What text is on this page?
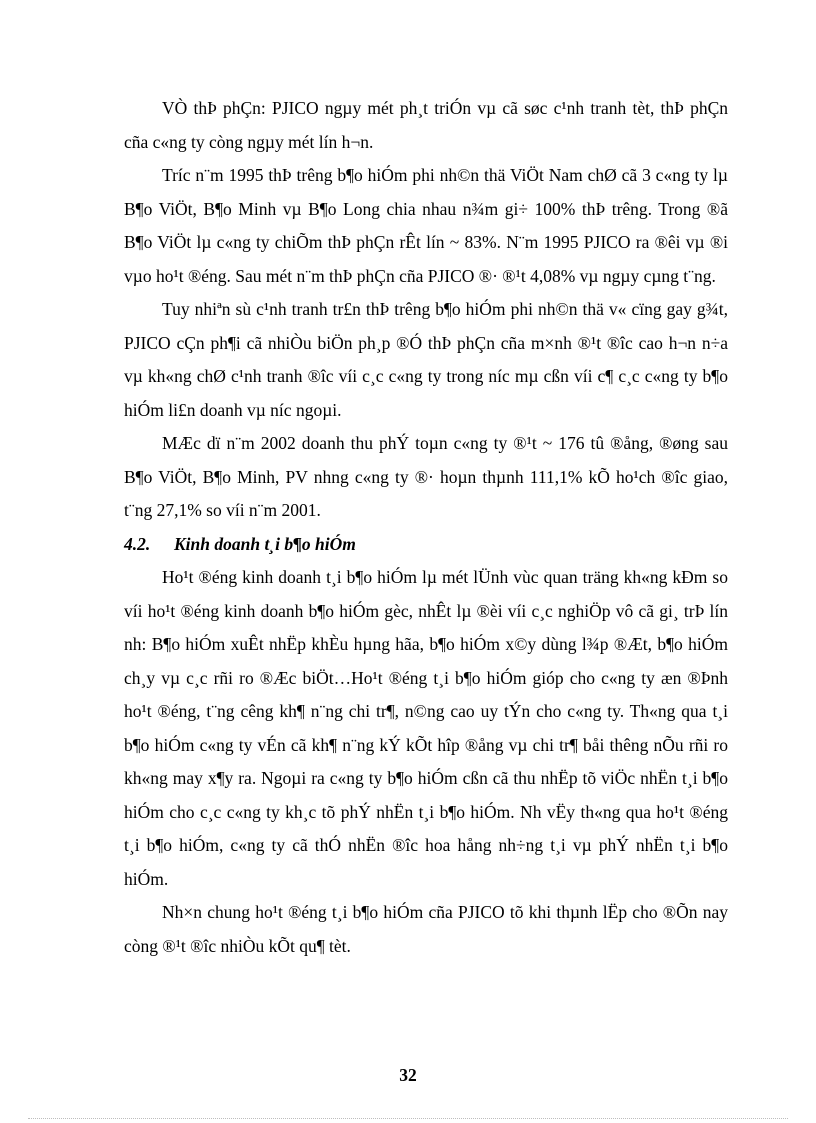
VÒ thÞ phÇn: PJICO ngµy mét ph¸t triÓn vµ cã søc c¹nh tranh tèt, thÞ phÇn cña c«ng ty còng ngµy mét lín h¬n.

Tríc n¨m 1995 thÞ trêng b¶o hiÓm phi nh©n thä ViÖt Nam chØ cã 3 c«ng ty lµ B¶o ViÖt, B¶o Minh vµ B¶o Long chia nhau n¾m gi÷ 100% thÞ trêng. Trong ®ã B¶o ViÖt lµ c«ng ty chiÕm thÞ phÇn rÊt lín ~ 83%. N¨m 1995 PJICO ra ®êi vµ ®i vµo ho¹t ®éng. Sau mét n¨m thÞ phÇn cña PJICO ®· ®¹t 4,08% vµ ngµy cµng t¨ng.

Tuy nhiªn sù c¹nh tranh tr£n thÞ trêng b¶o hiÓm phi nh©n thä v« cïng gay g¾t, PJICO cÇn ph¶i cã nhiÒu biÖn ph¸p ®Ó thÞ phÇn cña m×nh ®¹t ®îc cao h¬n n÷a vµ kh«ng chØ c¹nh tranh ®îc víi c¸c c«ng ty trong níc mµ cßn víi c¶ c¸c c«ng ty b¶o hiÓm li£n doanh vµ níc ngoµi.

MÆc dï n¨m 2002 doanh thu phÝ toµn c«ng ty ®¹t ~ 176 tû ®ång, ®øng sau B¶o ViÖt, B¶o Minh, PV nhng c«ng ty ®· hoµn thµnh 111,1% kÕ ho¹ch ®îc giao, t¨ng 27,1% so víi n¨m 2001.

4.2. Kinh doanh t¸i b¶o hiÓm

Ho¹t ®éng kinh doanh t¸i b¶o hiÓm lµ mét lÜnh vùc quan träng kh«ng kÐm so víi ho¹t ®éng kinh doanh b¶o hiÓm gèc, nhÊt lµ ®èi víi c¸c nghiÖp vô cã gi¸ trÞ lín nh: B¶o hiÓm xuÊt nhËp khÈu hµng hãa, b¶o hiÓm x©y dùng l¾p ®Æt, b¶o hiÓm ch¸y vµ c¸c rñi ro ®Æc biÖt…Ho¹t ®éng t¸i b¶o hiÓm gióp cho c«ng ty æn ®Þnh ho¹t ®éng, t¨ng cêng kh¶ n¨ng chi tr¶, n©ng cao uy tÝn cho c«ng ty. Th«ng qua t¸i b¶o hiÓm c«ng ty vÉn cã kh¶ n¨ng kÝ kÕt hîp ®ång vµ chi tr¶ båi thêng nÕu rñi ro kh«ng may x¶y ra. Ngoµi ra c«ng ty b¶o hiÓm cßn cã thu nhËp tõ viÖc nhËn t¸i b¶o hiÓm cho c¸c c«ng ty kh¸c tõ phÝ nhËn t¸i b¶o hiÓm. Nh vËy th«ng qua ho¹t ®éng t¸i b¶o hiÓm, c«ng ty cã thÓ nhËn ®îc hoa hång nh÷ng t¸i vµ phÝ nhËn t¸i b¶o hiÓm.

Nh×n chung ho¹t ®éng t¸i b¶o hiÓm cña PJICO tõ khi thµnh lËp cho ®Õn nay còng ®¹t ®îc nhiÒu kÕt qu¶ tèt.

32
